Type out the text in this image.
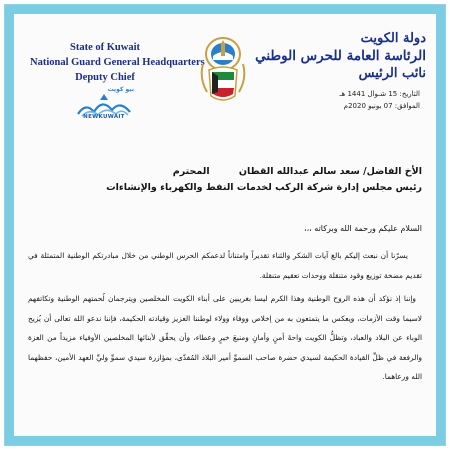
State of Kuwait
National Guard General Headquarters
Deputy Chief
نيو كويت
NEWKUWAIT
دولة الكويت
الرئاسة العامة للحرس الوطني
نائب الرئيس
التاريخ: 15 شـوال 1441 هـ
الموافق: 07 يونيو 2020م
الأخ الفاضل/ سعد سالم عبدالله القطان المحترم
رئيس مجلس إدارة شركة الركب لخدمات النفط والكهرباء والإنشاءات
السلام عليكم ورحمة الله وبركاته ،،،
يسرّنا أن نبعث إليكم بالغ آيات الشكر والثناء تقديراً وامتناناً لدعمكم الحرس الوطني من خلال مبادرتكم الوطنية المتمثلة في تقديم مضخة توزيع وقود متنقلة ووحدات تعقيم متنقلة.
وإننا إذ نؤكد أن هذه الروح الوطنية وهذا الكرم ليسا بغريبين على أبناء الكويت المخلصين ويترجمان لُحمتهم الوطنية وتكاتفهم لاسيما وقت الأزمات، ويعكس ما يتمتعون به من إخلاص ووفاء وولاء لوطننا العزيز وقيادته الحكيمة، فإننا ندعو الله تعالى أن يُزيح الوباء عن البلاد والعباد، وتظلُّ الكويت واحةَ أمنٍ وأمانٍ ومنبعَ خيرٍ وعطاء، وأن يحقِّق لأبنائها المخلصين الأوفياء مزيداً من العزة والرفعة في ظلِّ القيادة الحكيمة لسيدي حضرة صاحب السموِّ أمير البلاد المُفدّى، بمؤازرة سيدي سموِّ وليِّ العهد الأمين، حفظهما الله ورعاهما.
